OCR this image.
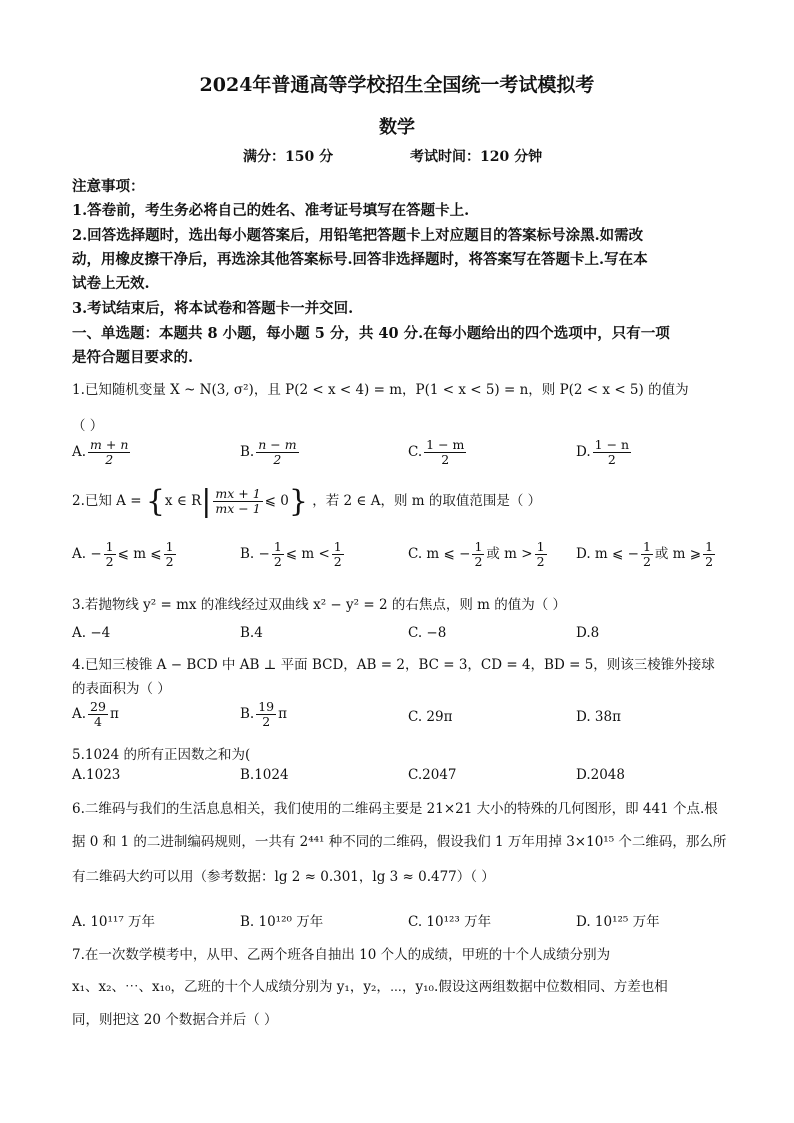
2024年普通高等学校招生全国统一考试模拟考
数学
满分：150 分	考试时间：120 分钟
注意事项：
1.答卷前，考生务必将自己的姓名、准考证号填写在答题卡上.
2.回答选择题时，选出每小题答案后，用铅笔把答题卡上对应题目的答案标号涂黑.如需改
动，用橡皮擦干净后，再选涂其他答案标号.回答非选择题时，将答案写在答题卡上.写在本
试卷上无效.
3.考试结束后，将本试卷和答题卡一并交回.
一、单选题：本题共 8 小题，每小题 5 分，共 40 分.在每小题给出的四个选项中，只有一项
是符合题目要求的.
1.已知随机变量 X ~ N(3, σ²)，且 P(2 < x < 4) = m，P(1 < x < 5) = n，则 P(2 < x < 5) 的值为
（ ）
A. $\frac{m + n}{2}$	B. $\frac{n - m}{2}$	C. $\frac{1 - m}{2}$	D. $\frac{1 - n}{2}$
2.已知 A = {x ∈ $R| \frac{mx + 1}{mx - 1}$ ⩽ 0} ，若 2 ∈ A，则 m 的取值范围是（ ）
A. − $\frac{1}{2}$ ⩽ m ⩽ $\frac{1}{2}$	B. − $\frac{1}{2}$ ⩽ $m < \frac{1}{2}$	C. m ⩽ − $\frac{1}{2}$ 或 $m > \frac{1}{2} D$. m ⩽ − $\frac{1}{2}$ 或 m ⩾ $\frac{1}{2}$
3.若抛物线 y² = mx 的准线经过双曲线 x² − y² = 2 的右焦点，则 m 的值为（ ）
A. −4	B.4	C. −8	D.8
4.已知三棱锥 A − BCD 中 AB ⊥ 平面 BCD，AB = 2，BC = 3，CD = 4，BD = 5，则该三棱锥外接球
的表面积为（ ）
A. $\frac{29}{4}$ π	B. $\frac{19}{2}$ π	C. 29π	D. 38π
5.1024 的所有正因数之和为(
A.1023	B.1024	C.2047	D.2048
6.二维码与我们的生活息息相关，我们使用的二维码主要是 21×21 大小的特殊的几何图形，即 441 个点.根
据 0 和 1 的二进制编码规则，一共有 2⁴⁴¹ 种不同的二维码，假设我们 1 万年用掉 3×10¹⁵ 个二维码，那么所
有二维码大约可以用（参考数据：lg 2 ≈ 0.301，lg 3 ≈ 0.477）（ ）
A. 10¹¹⁷ 万年	B. 10¹²⁰ 万年	C. 10¹²³ 万年	D. 10¹²⁵ 万年
7.在一次数学模考中，从甲、乙两个班各自抽出 10 个人的成绩，甲班的十个人成绩分别为
x₁、x₂、⋯、x₁₀，乙班的十个人成绩分别为 y₁，y₂，⋯，y₁₀.假设这两组数据中位数相同、方差也相
同，则把这 20 个数据合并后（ ）
